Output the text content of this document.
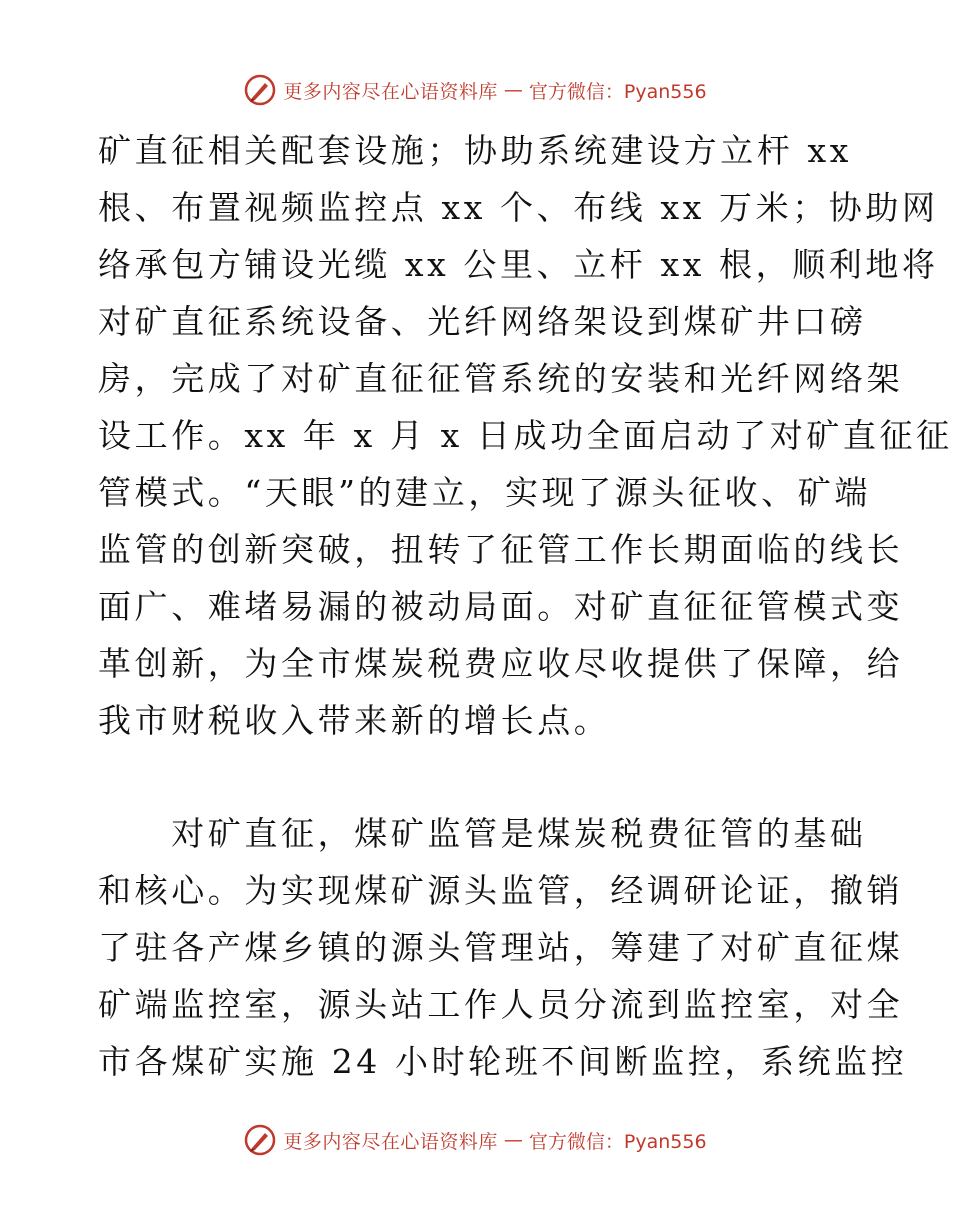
更多内容尽在心语资料库 — 官方微信：Pyan556
矿直征相关配套设施；协助系统建设方立杆 xx
根、布置视频监控点 xx 个、布线 xx 万米；协助网
络承包方铺设光缆 xx 公里、立杆 xx 根，顺利地将
对矿直征系统设备、光纤网络架设到煤矿井口磅
房，完成了对矿直征征管系统的安装和光纤网络架
设工作。xx 年 x 月 x 日成功全面启动了对矿直征征
管模式。“天眼”的建立，实现了源头征收、矿端
监管的创新突破，扭转了征管工作长期面临的线长
面广、难堵易漏的被动局面。对矿直征征管模式变
革创新，为全市煤炭税费应收尽收提供了保障，给
我市财税收入带来新的增长点。
　　对矿直征，煤矿监管是煤炭税费征管的基础
和核心。为实现煤矿源头监管，经调研论证，撤销
了驻各产煤乡镇的源头管理站，筹建了对矿直征煤
矿端监控室，源头站工作人员分流到监控室，对全
市各煤矿实施 24 小时轮班不间断监控，系统监控
更多内容尽在心语资料库 — 官方微信：Pyan556
